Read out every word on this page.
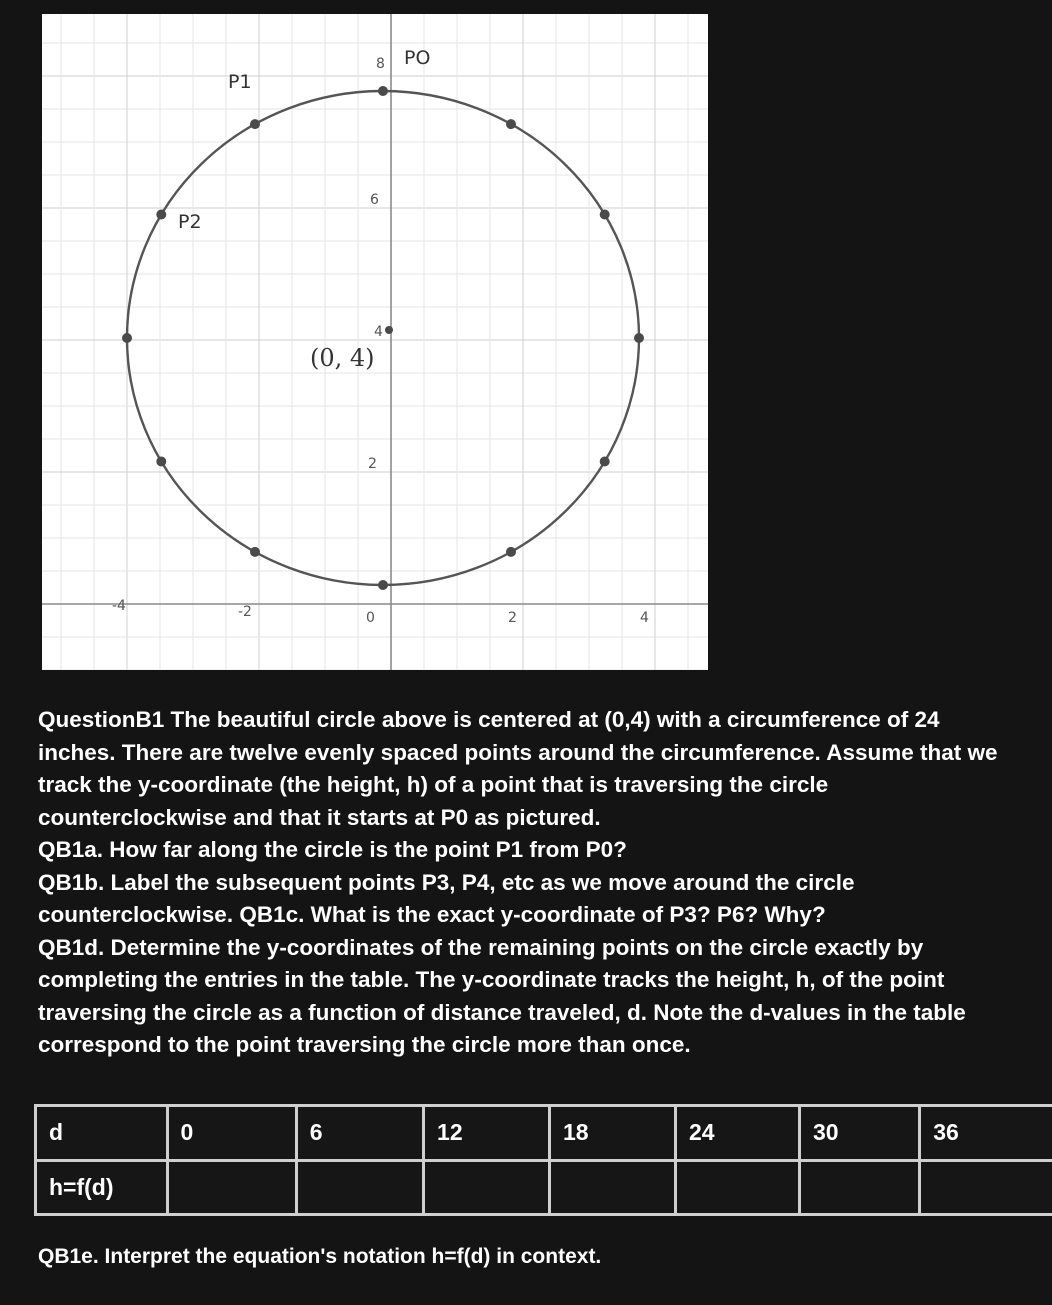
-4	-2	0	2	4
2
4
6
8 PO
P1
P2
(0, 4)

QuestionB1 The beautiful circle above is centered at (0,4) with a circumference of 24 inches. There are twelve evenly spaced points around the circumference. Assume that we track the y-coordinate (the height, h) of a point that is traversing the circle counterclockwise and that it starts at P0 as pictured.

QB1a. How far along the circle is the point P1 from P0?

QB1b. Label the subsequent points P3, P4, etc as we move around the circle counterclockwise. QB1c. What is the exact y-coordinate of P3? P6? Why?

QB1d. Determine the y-coordinates of the remaining points on the circle exactly by completing the entries in the table. The y-coordinate tracks the height, h, of the point traversing the circle as a function of distance traveled, d. Note the d-values in the table correspond to the point traversing the circle more than once.

d	0	6	12	18	24	30	36
h=f(d)							
QB1e. Interpret the equation's notation h=f(d) in context.
